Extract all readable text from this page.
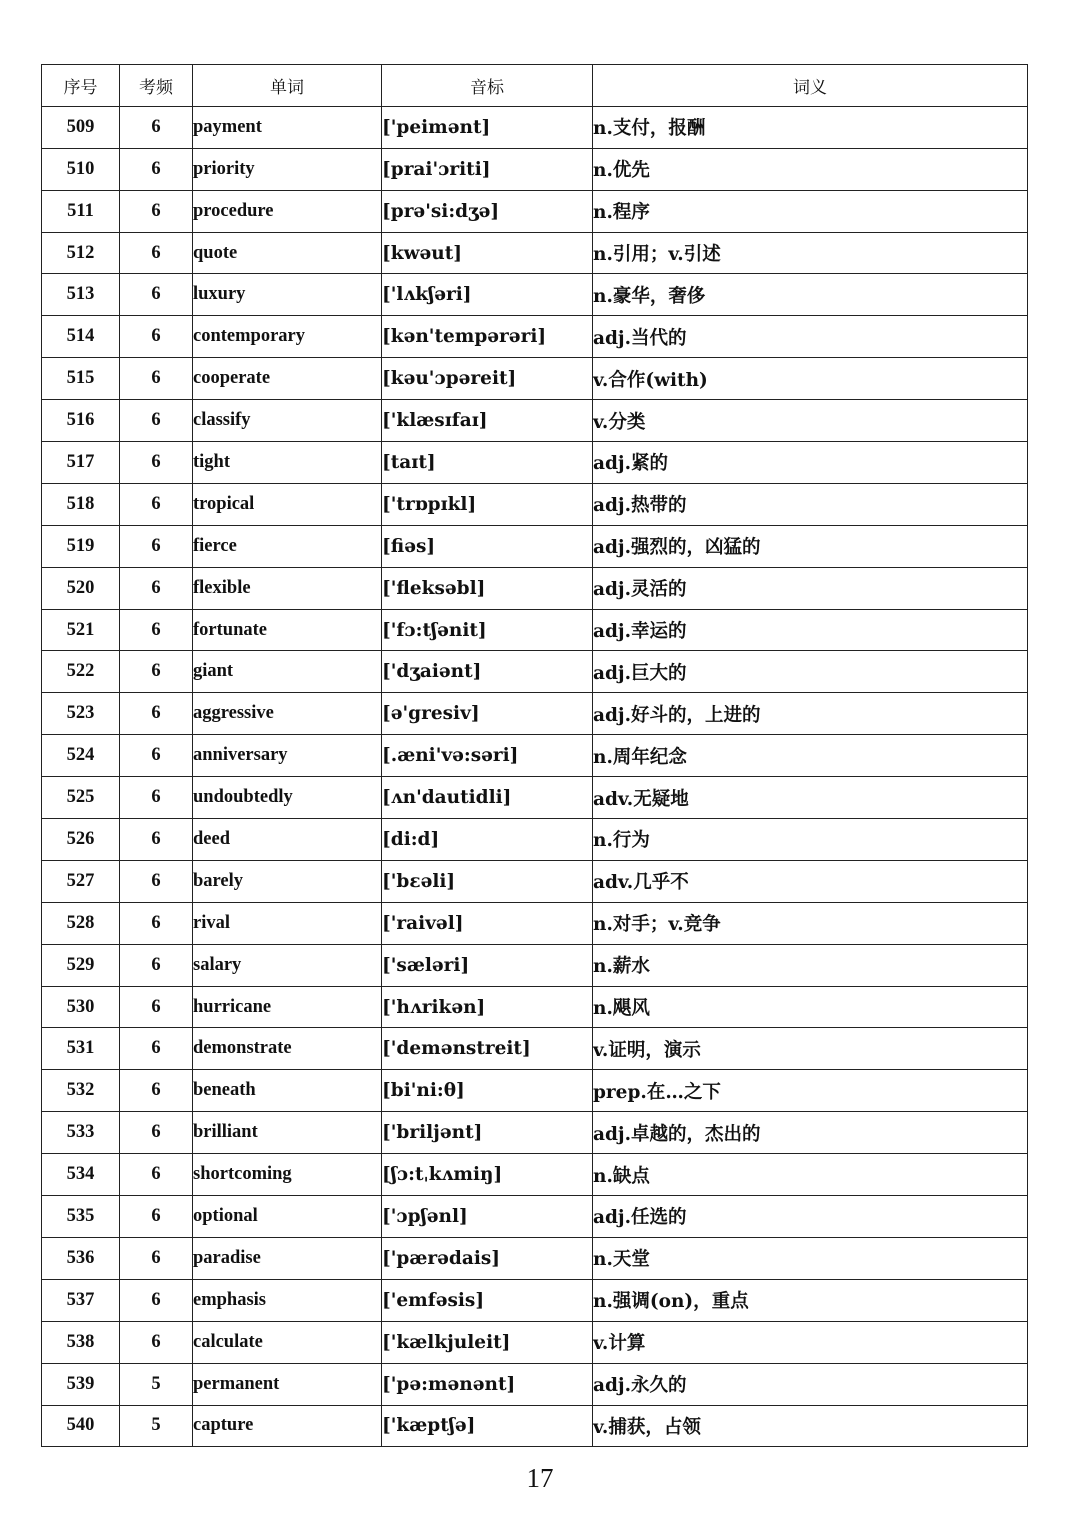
序号	考频	单词	音标	词义
509	6	payment	['peimənt]	n.支付，报酬
510	6	priority	[prai'ɔriti]	n.优先
511	6	procedure	[prə'si:dʒə]	n.程序
512	6	quote	[kwəut]	n.引用；v.引述
513	6	luxury	['lʌkʃəri]	n.豪华，奢侈
514	6	contemporary	[kən'tempərəri]	adj.当代的
515	6	cooperate	[kəu'ɔpəreit]	v.合作(with)
516	6	classify	['klæsɪfaɪ]	v.分类
517	6	tight	[taɪt]	adj.紧的
518	6	tropical	['trɒpɪkl]	adj.热带的
519	6	fierce	[fiəs]	adj.强烈的，凶猛的
520	6	flexible	['fleksəbl]	adj.灵活的
521	6	fortunate	['fɔ:tʃənit]	adj.幸运的
522	6	giant	['dʒaiənt]	adj.巨大的
523	6	aggressive	[ə'gresiv]	adj.好斗的，上进的
524	6	anniversary	[.æni'və:səri]	n.周年纪念
525	6	undoubtedly	[ʌn'dautidli]	adv.无疑地
526	6	deed	[di:d]	n.行为
527	6	barely	['bɛəli]	adv.几乎不
528	6	rival	['raivəl]	n.对手；v.竞争
529	6	salary	['sæləri]	n.薪水
530	6	hurricane	['hʌrikən]	n.飓风
531	6	demonstrate	['demənstreit]	v.证明，演示
532	6	beneath	[bi'ni:θ]	prep.在…之下
533	6	brilliant	['briljənt]	adj.卓越的，杰出的
534	6	shortcoming	[ʃɔ:tˌkʌmiŋ]	n.缺点
535	6	optional	['ɔpʃənl]	adj.任选的
536	6	paradise	['pærədais]	n.天堂
537	6	emphasis	['emfəsis]	n.强调(on)，重点
538	6	calculate	['kælkjuleit]	v.计算
539	5	permanent	['pə:mənənt]	adj.永久的
540	5	capture	['kæptʃə]	v.捕获，占领
17
